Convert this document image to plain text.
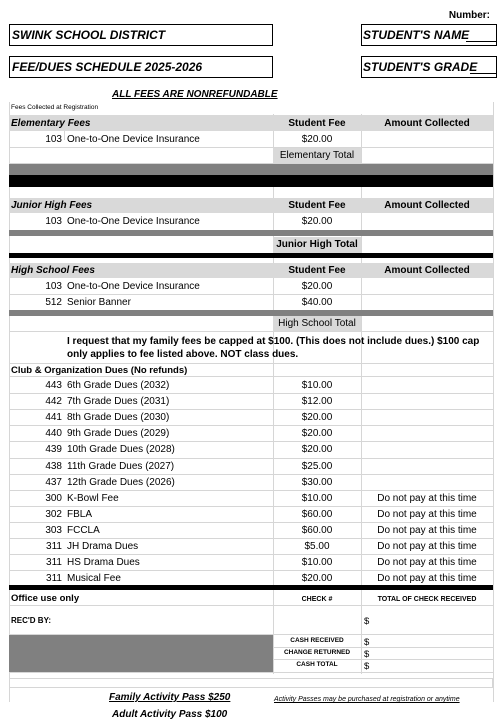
Number:
SWINK SCHOOL DISTRICT	STUDENT'S NAME
FEE/DUES SCHEDULE 2025-2026	STUDENT'S GRADE
ALL FEES ARE NONREFUNDABLE
Fees Collected at Registration
Elementary Fees	Student Fee	Amount Collected
103 One-to-One Device Insurance	$20.00
Elementary Total
Junior High Fees	Student Fee	Amount Collected
103 One-to-One Device Insurance	$20.00
Junior High Total
High School Fees	Student Fee	Amount Collected
103 One-to-One Device Insurance	$20.00
512 Senior Banner	$40.00
High School Total
I request that my family fees be capped at $100. (This does not include dues.) $100 cap only applies to fee listed above. NOT class dues.
Club & Organization Dues (No refunds)
443 6th Grade Dues (2032)	$10.00
442 7th Grade Dues (2031)	$12.00
441 8th Grade Dues (2030)	$20.00
440 9th Grade Dues (2029)	$20.00
439 10th Grade Dues (2028)	$20.00
438 11th Grade Dues (2027)	$25.00
437 12th Grade Dues (2026)	$30.00
300 K-Bowl Fee	$10.00	Do not pay at this time
302 FBLA	$60.00	Do not pay at this time
303 FCCLA	$60.00	Do not pay at this time
311 JH Drama Dues	$5.00	Do not pay at this time
311 HS Drama Dues	$10.00	Do not pay at this time
311 Musical Fee	$20.00	Do not pay at this time
Office use only	CHECK #	TOTAL OF CHECK RECEIVED
REC'D BY:	$
CASH RECEIVED	$
CHANGE RETURNED	$
CASH TOTAL	$
Family Activity Pass $250	Activity Passes may be purchased at registration or anytime
Adult Activity Pass $100
